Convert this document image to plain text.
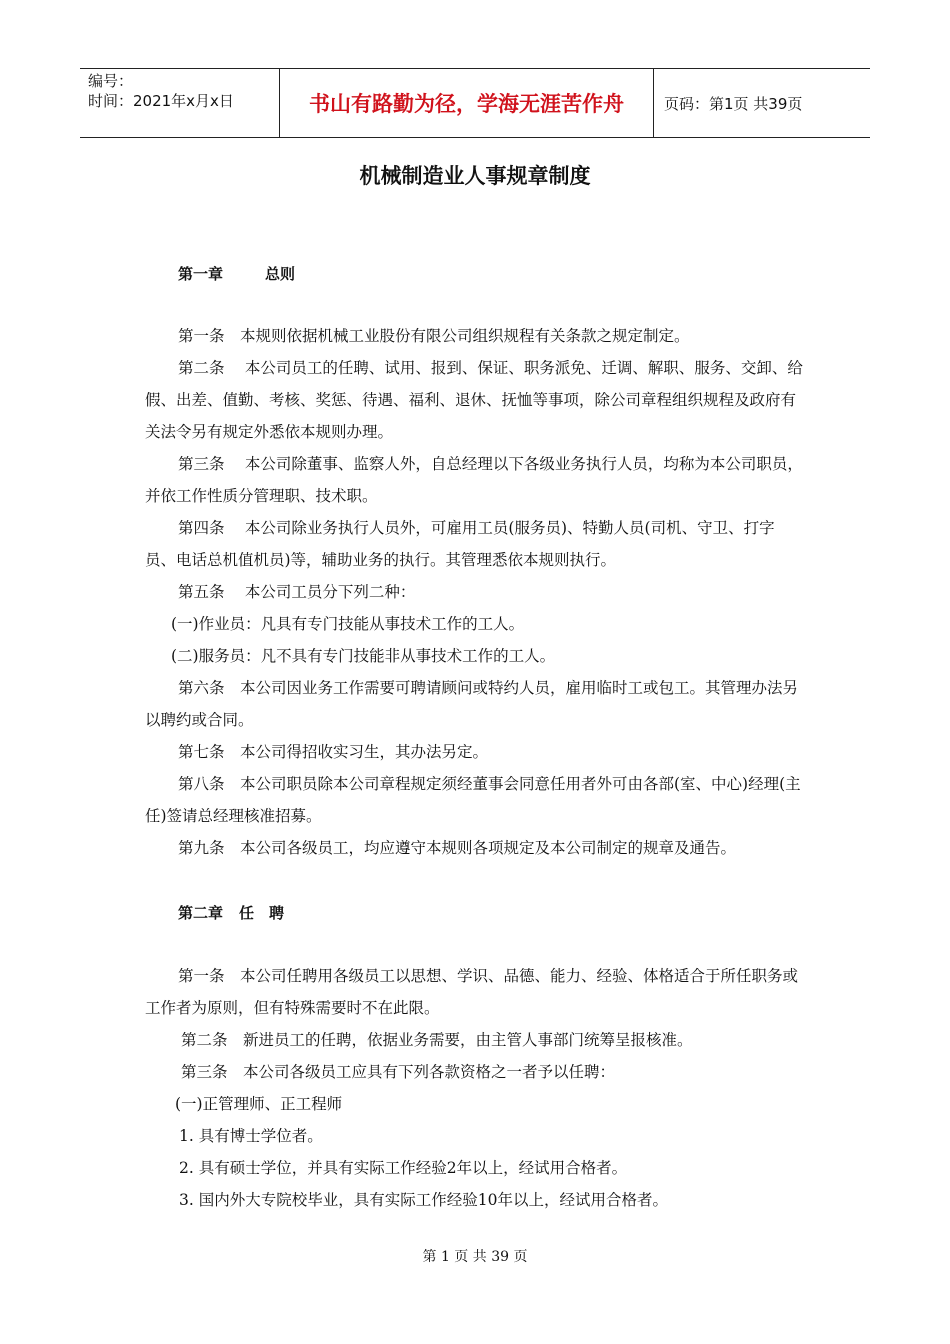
编号：
时间：2021年x月x日	书山有路勤为径，学海无涯苦作舟	页码：第1页 共39页
机械制造业人事规章制度
第一章	总则

第一条　本规则依据机械工业股份有限公司组织规程有关条款之规定制定。

第二条　 本公司员工的任聘、试用、报到、保证、职务派免、迁调、解职、服务、交卸、给假、出差、值勤、考核、奖惩、待遇、福利、退休、抚恤等事项，除公司章程组织规程及政府有关法令另有规定外悉依本规则办理。

第三条　 本公司除董事、监察人外，自总经理以下各级业务执行人员，均称为本公司职员，并依工作性质分管理职、技术职。

第四条　 本公司除业务执行人员外，可雇用工员(服务员)、特勤人员(司机、守卫、打字员、电话总机值机员)等，辅助业务的执行。其管理悉依本规则执行。

第五条　 本公司工员分下列二种：

(一)作业员：凡具有专门技能从事技术工作的工人。

(二)服务员：凡不具有专门技能非从事技术工作的工人。

第六条　本公司因业务工作需要可聘请顾问或特约人员，雇用临时工或包工。其管理办法另以聘约或合同。

第七条　本公司得招收实习生，其办法另定。

第八条　本公司职员除本公司章程规定须经董事会同意任用者外可由各部(室、中心)经理(主任)签请总经理核准招募。

第九条　本公司各级员工，均应遵守本规则各项规定及本公司制定的规章及通告。

第二章 任　聘

第一条　本公司任聘用各级员工以思想、学识、品德、能力、经验、体格适合于所任职务或工作者为原则，但有特殊需要时不在此限。

第二条　新进员工的任聘，依据业务需要，由主管人事部门统筹呈报核准。

第三条　本公司各级员工应具有下列各款资格之一者予以任聘：

(一)正管理师、正工程师

1. 具有博士学位者。

2. 具有硕士学位，并具有实际工作经验2年以上，经试用合格者。

3. 国内外大专院校毕业，具有实际工作经验10年以上，经试用合格者。

第 1 页 共 39 页
